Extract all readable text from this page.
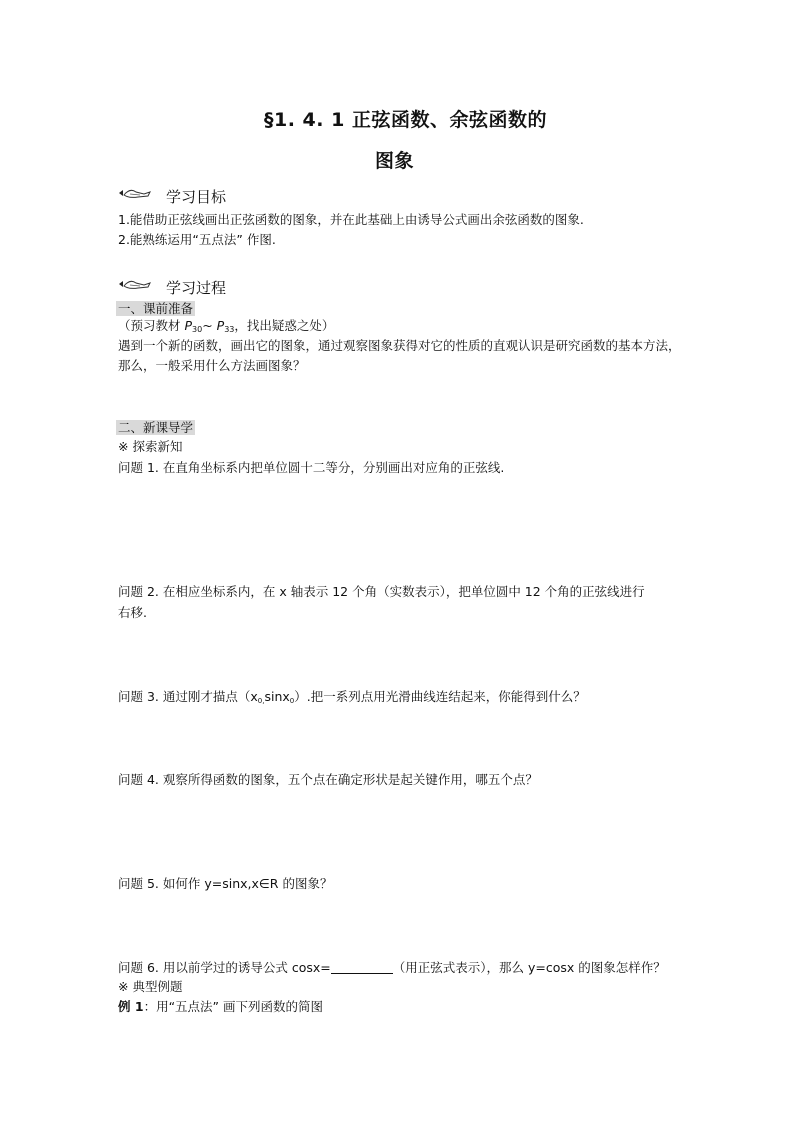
§1. 4. 1 正弦函数、余弦函数的
图象
学习目标
1.能借助正弦线画出正弦函数的图象，并在此基础上由诱导公式画出余弦函数的图象.
2.能熟练运用“五点法” 作图.
学习过程
一、课前准备
（预习教材 $P_{30}\sim$ $P_{33}$，找出疑惑之处）
遇到一个新的函数，画出它的图象，通过观察图象获得对它的性质的直观认识是研究函数的基本方法，那么，一般采用什么方法画图象？
二、新课导学
※ 探索新知
问题 1. 在直角坐标系内把单位圆十二等分，分别画出对应角的正弦线.
问题 2. 在相应坐标系内，在 x 轴表示 12 个角（实数表示），把单位圆中 12 个角的正弦线进行
右移.
问题 3. 通过刚才描点（x0,sinx0）.把一系列点用光滑曲线连结起来，你能得到什么？
问题 4. 观察所得函数的图象，五个点在确定形状是起关键作用，哪五个点？
问题 5. 如何作 y=sinx,x∈R 的图象？
问题 6. 用以前学过的诱导公式 cosx=	（用正弦式表示），那么 y=cosx 的图象怎样作？
※ 典型例题
例 1：用“五点法” 画下列函数的简图
